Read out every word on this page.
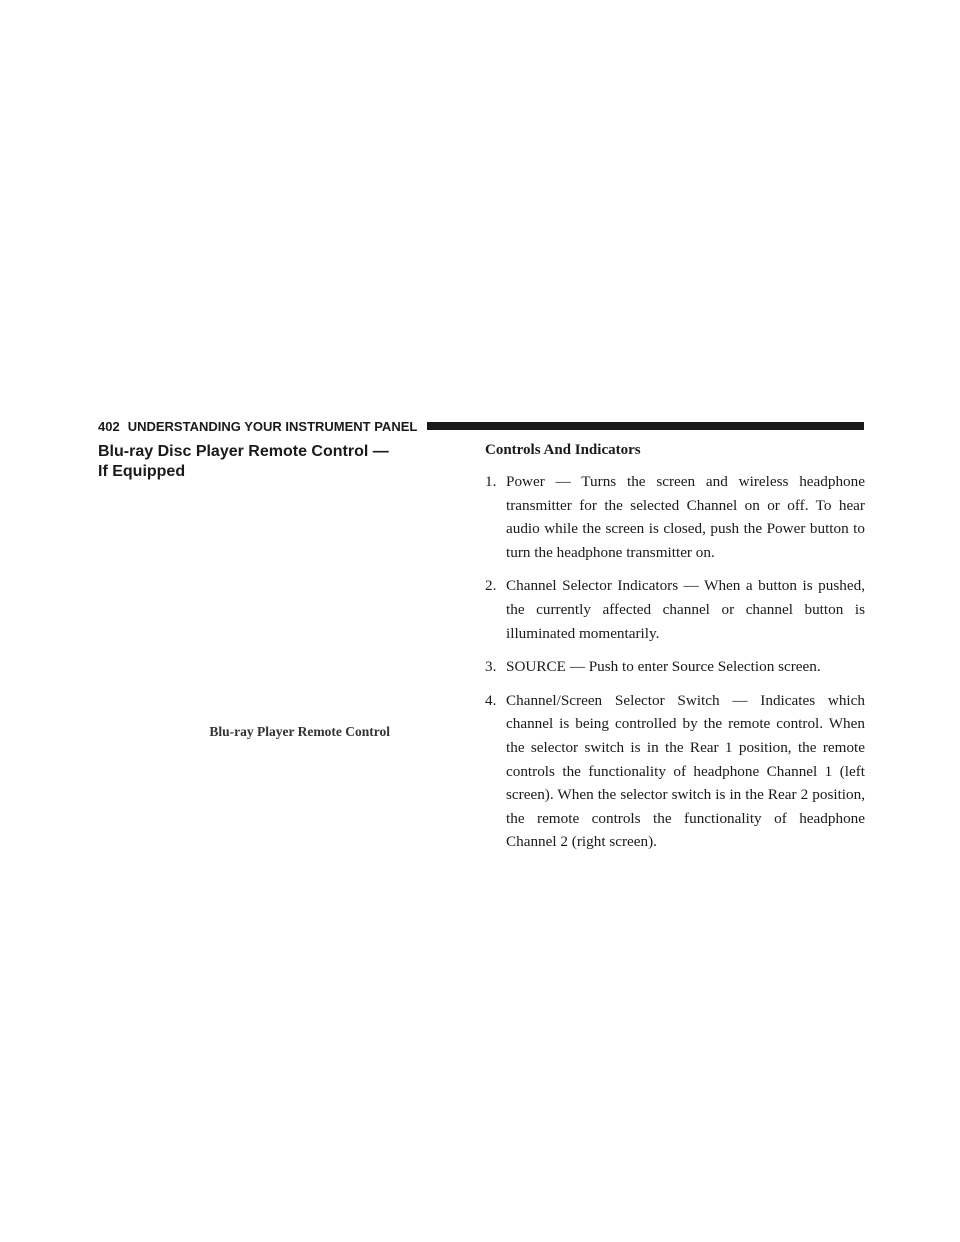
402 UNDERSTANDING YOUR INSTRUMENT PANEL
Blu-ray Disc Player Remote Control —
If Equipped
Blu-ray Player Remote Control
Controls And Indicators
1. Power — Turns the screen and wireless headphone transmitter for the selected Channel on or off. To hear audio while the screen is closed, push the Power button to turn the headphone transmitter on.
2. Channel Selector Indicators — When a button is pushed, the currently affected channel or channel button is illuminated momentarily.
3. SOURCE — Push to enter Source Selection screen.
4. Channel/Screen Selector Switch — Indicates which channel is being controlled by the remote control. When the selector switch is in the Rear 1 position, the remote controls the functionality of headphone Channel 1 (left screen). When the selector switch is in the Rear 2 position, the remote controls the functionality of headphone Channel 2 (right screen).
